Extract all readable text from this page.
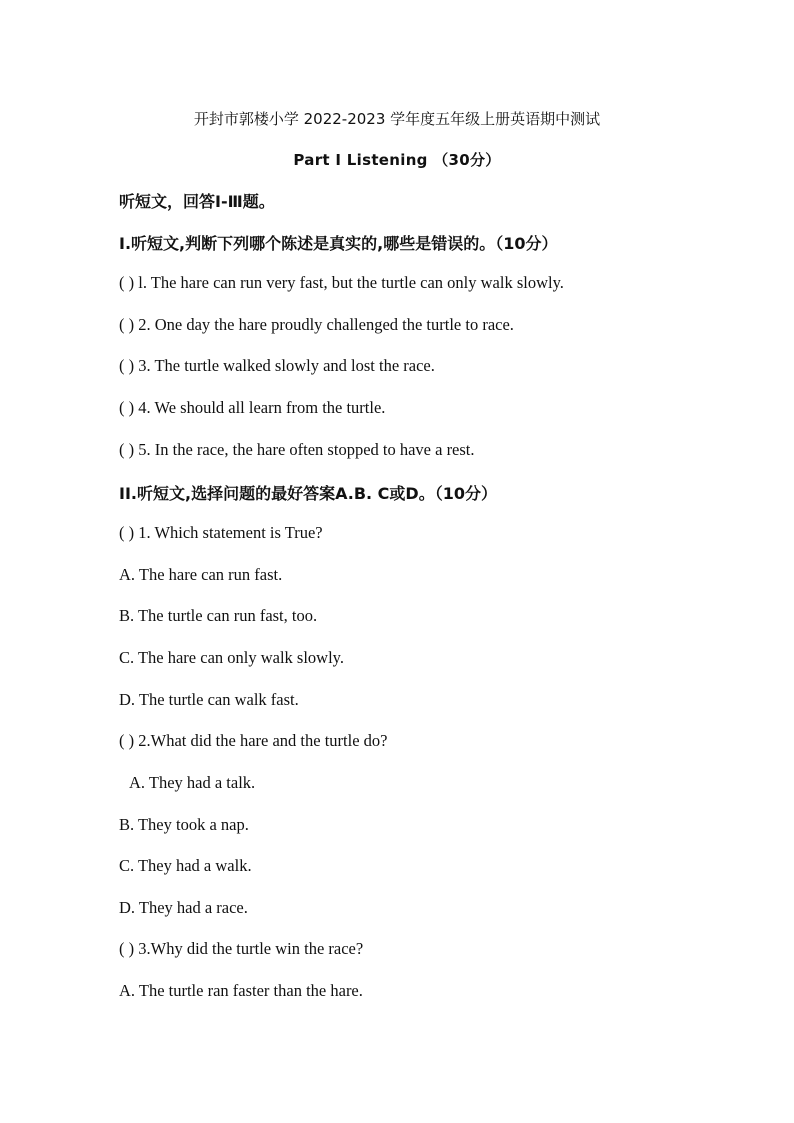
开封市郭楼小学 2022-2023 学年度五年级上册英语期中测试
Part I Listening （30分）
听短文，回答Ⅰ-Ⅲ题。
I.听短文,判断下列哪个陈述是真实的,哪些是错误的。（10分）
( ) l. The hare can run very fast, but the turtle can only walk slowly.
( ) 2. One day the hare proudly challenged the turtle to race.
( ) 3. The turtle walked slowly and lost the race.
( ) 4. We should all learn from the turtle.
( ) 5. In the race, the hare often stopped to have a rest.
II.听短文,选择问题的最好答案A.B. C或D。（10分）
( ) 1. Which statement is True?
A. The hare can run fast.
B. The turtle can run fast, too.
C. The hare can only walk slowly.
D. The turtle can walk fast.
( ) 2.What did the hare and the turtle do?
A. They had a talk.
B. They took a nap.
C. They had a walk.
D. They had a race.
( ) 3.Why did the turtle win the race?
A. The turtle ran faster than the hare.
